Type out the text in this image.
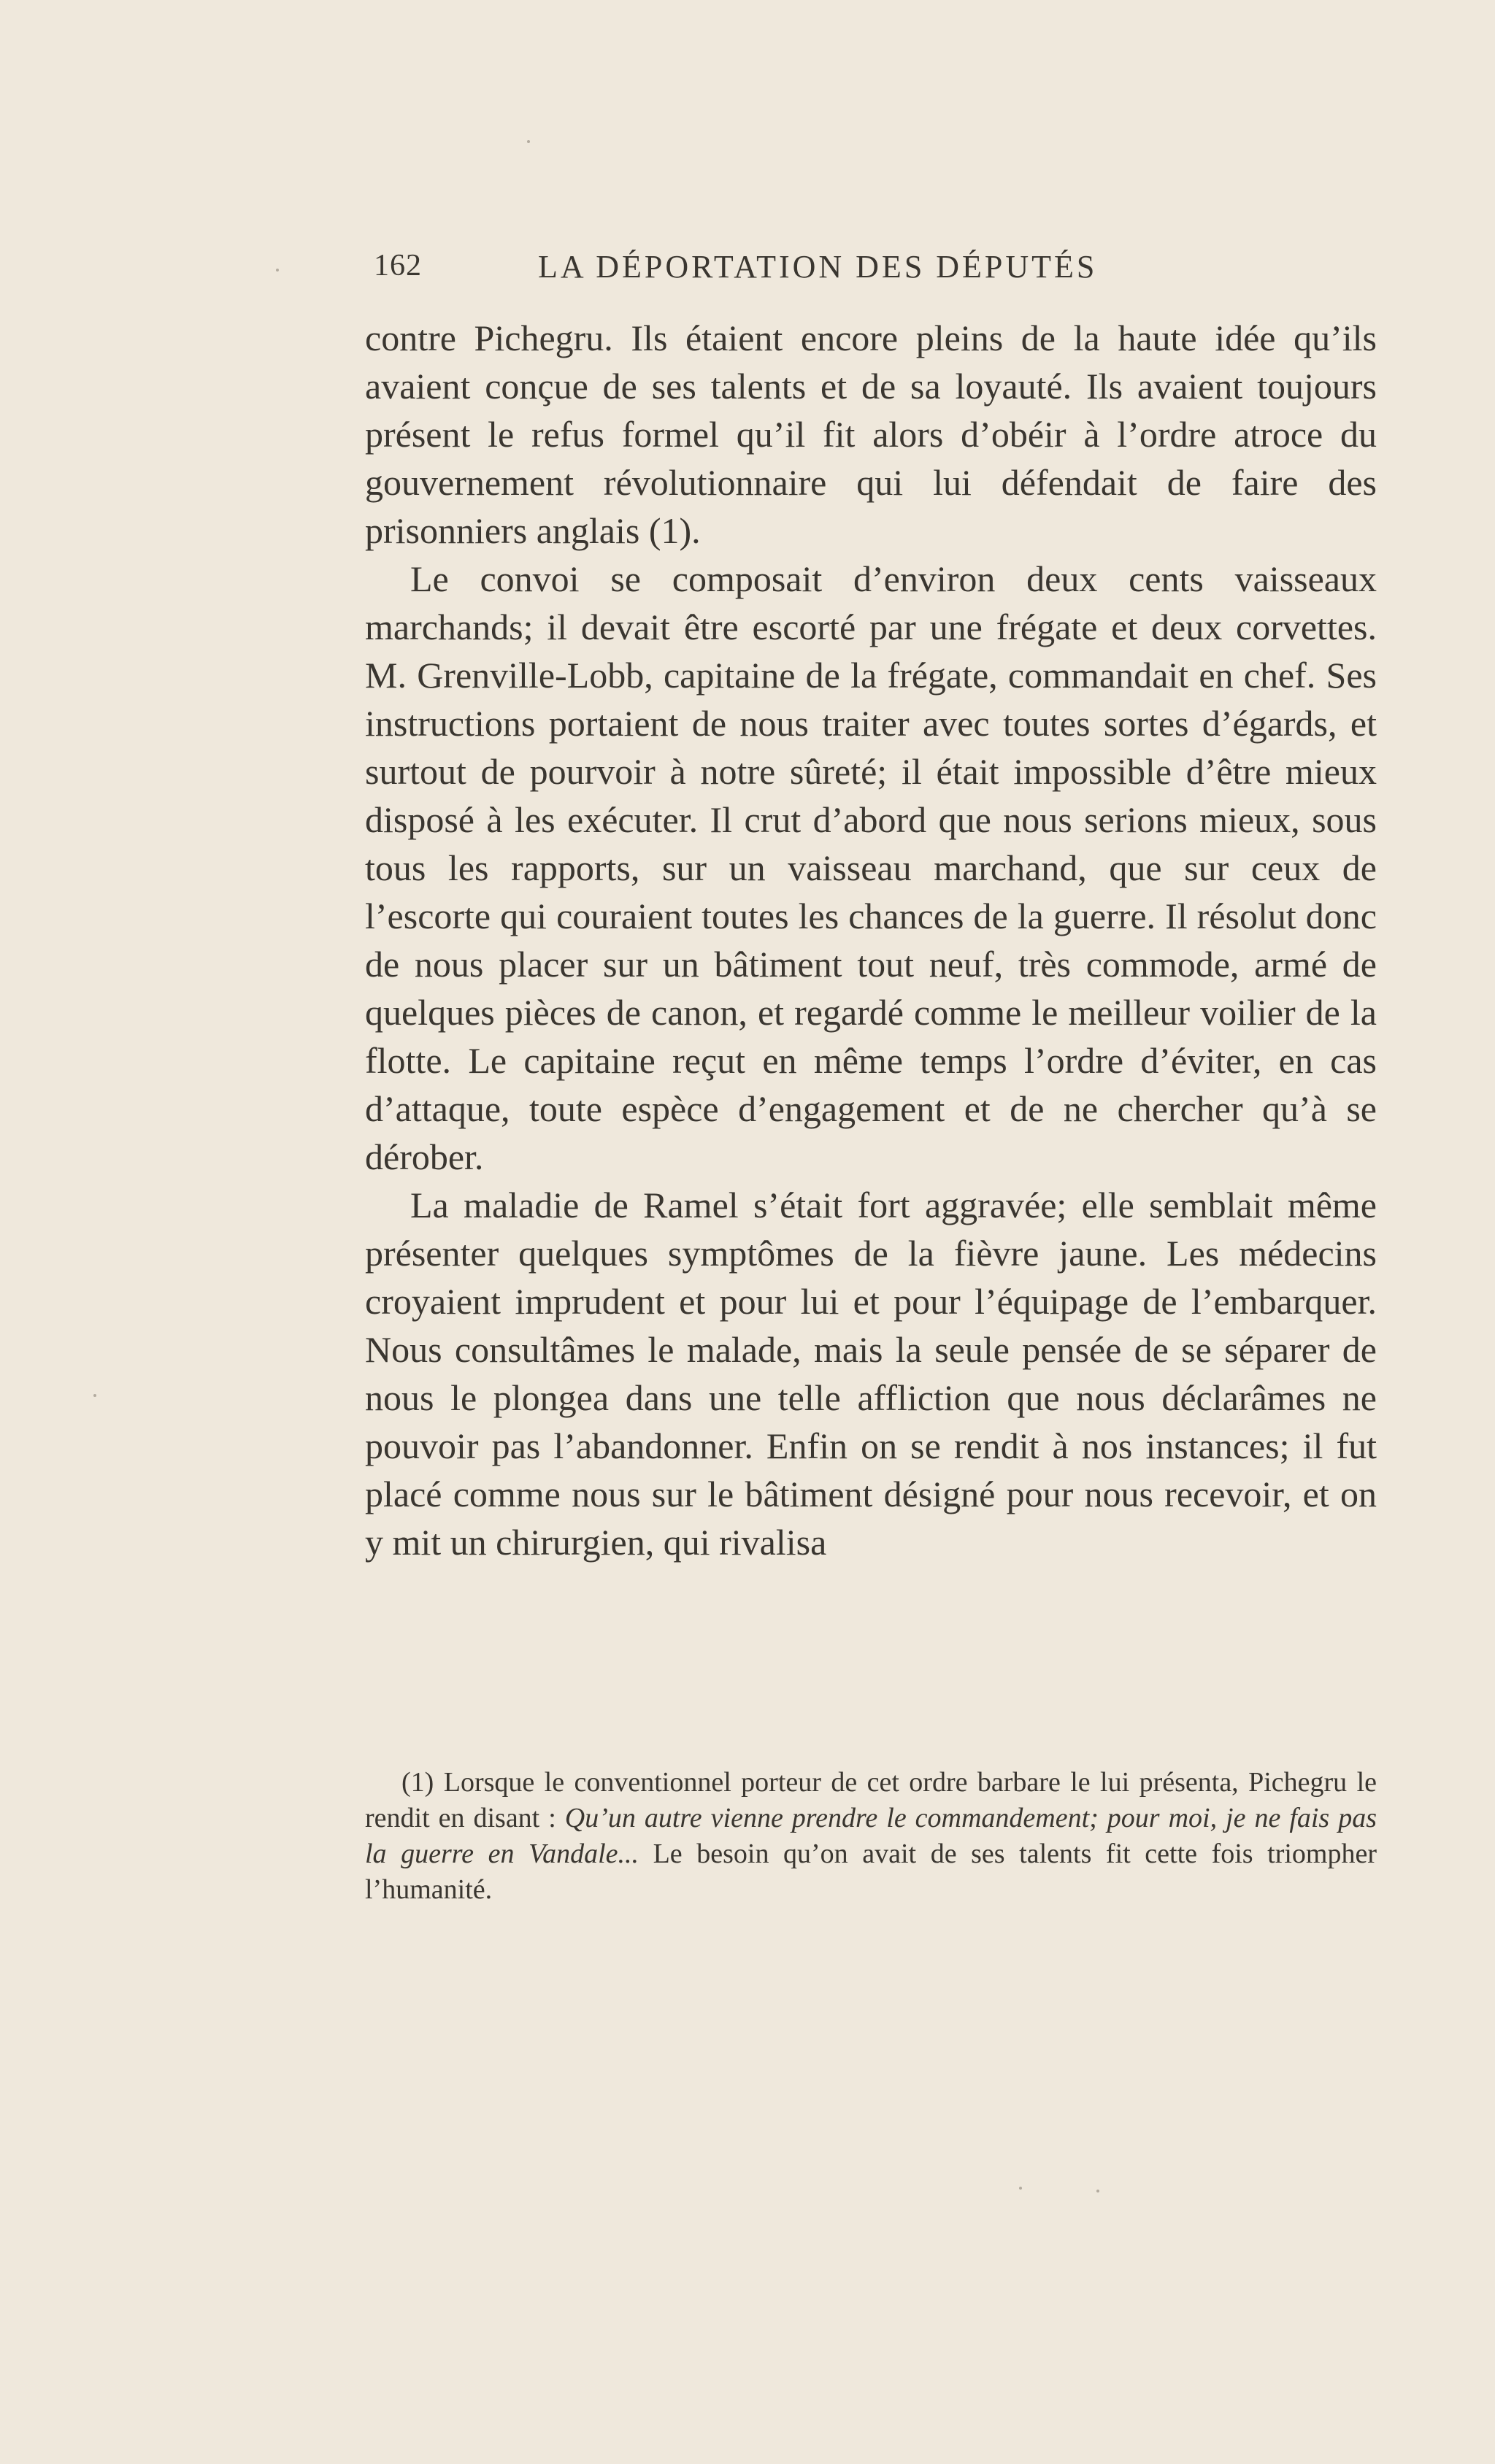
162	LA DÉPORTATION DES DÉPUTÉS

contre Pichegru. Ils étaient encore pleins de la haute idée qu’ils avaient conçue de ses talents et de sa loyauté. Ils avaient toujours présent le refus formel qu’il fit alors d’obéir à l’ordre atroce du gouvernement révolutionnaire qui lui défendait de faire des prisonniers anglais (1).

Le convoi se composait d’environ deux cents vaisseaux marchands; il devait être escorté par une frégate et deux corvettes. M. Grenville-Lobb, capitaine de la frégate, commandait en chef. Ses instructions portaient de nous traiter avec toutes sortes d’égards, et surtout de pourvoir à notre sûreté; il était impossible d’être mieux disposé à les exécuter. Il crut d’abord que nous serions mieux, sous tous les rapports, sur un vaisseau marchand, que sur ceux de l’escorte qui couraient toutes les chances de la guerre. Il résolut donc de nous placer sur un bâtiment tout neuf, très commode, armé de quelques pièces de canon, et regardé comme le meilleur voilier de la flotte. Le capitaine reçut en même temps l’ordre d’éviter, en cas d’attaque, toute espèce d’engagement et de ne chercher qu’à se dérober.

La maladie de Ramel s’était fort aggravée; elle semblait même présenter quelques symptômes de la fièvre jaune. Les médecins croyaient imprudent et pour lui et pour l’équipage de l’embarquer. Nous consultâmes le malade, mais la seule pensée de se séparer de nous le plongea dans une telle affliction que nous déclarâmes ne pouvoir pas l’abandonner. Enfin on se rendit à nos instances; il fut placé comme nous sur le bâtiment désigné pour nous recevoir, et on y mit un chirurgien, qui rivalisa

(1) Lorsque le conventionnel porteur de cet ordre barbare le lui présenta, Pichegru le rendit en disant : Qu’un autre vienne prendre le commandement; pour moi, je ne fais pas la guerre en Vandale... Le besoin qu’on avait de ses talents fit cette fois triompher l’humanité.
